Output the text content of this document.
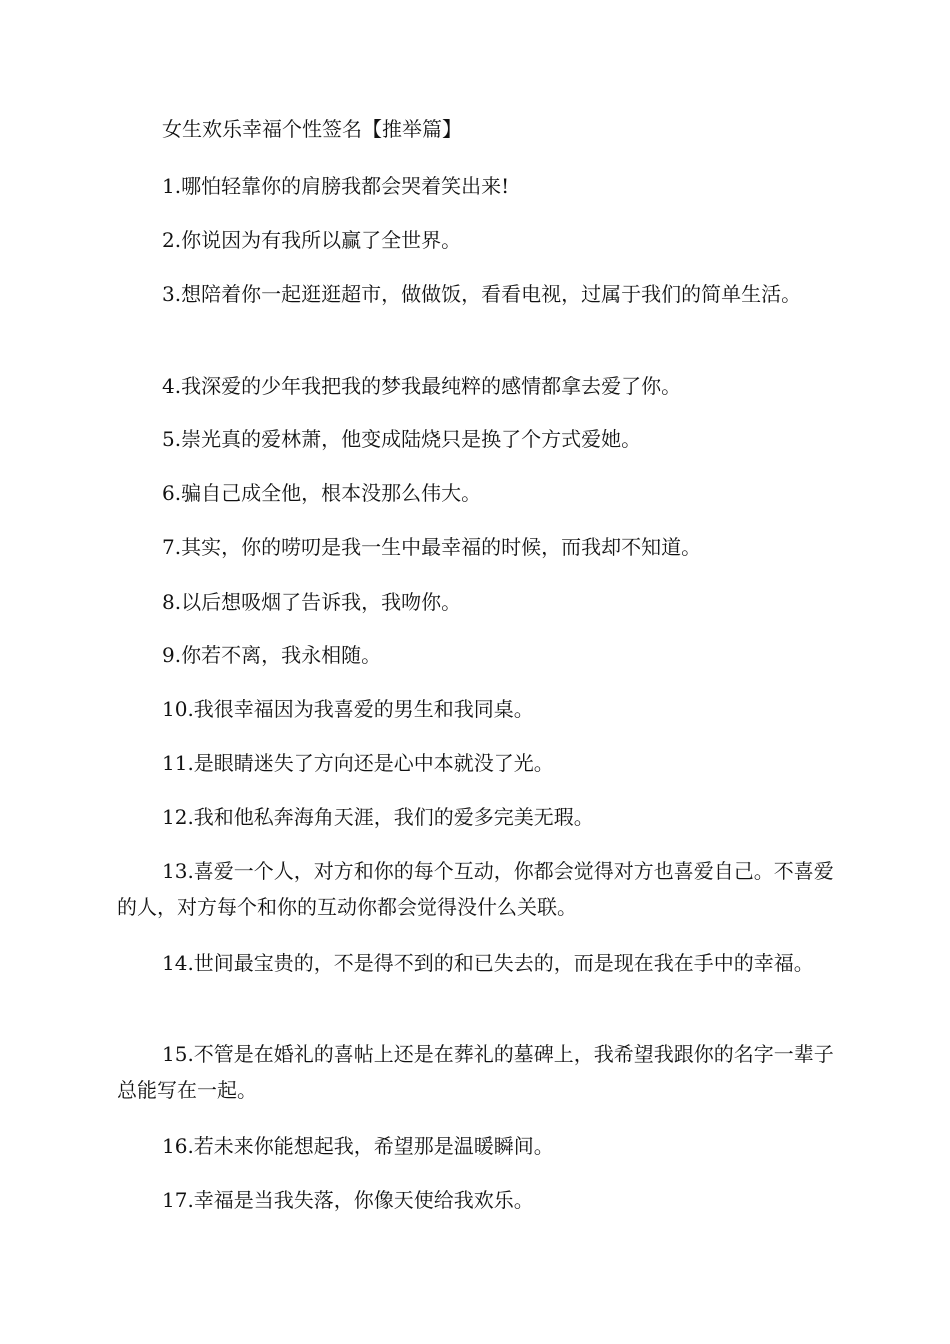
女生欢乐幸福个性签名【推举篇】

1.哪怕轻靠你的肩膀我都会哭着笑出来!

2.你说因为有我所以赢了全世界。

3.想陪着你一起逛逛超市，做做饭，看看电视，过属于我们的简单生活。

4.我深爱的少年我把我的梦我最纯粹的感情都拿去爱了你。

5.崇光真的爱林萧，他变成陆烧只是换了个方式爱她。

6.骗自己成全他，根本没那么伟大。

7.其实，你的唠叨是我一生中最幸福的时候，而我却不知道。

8.以后想吸烟了告诉我，我吻你。

9.你若不离，我永相随。

10.我很幸福因为我喜爱的男生和我同桌。

11.是眼睛迷失了方向还是心中本就没了光。

12.我和他私奔海角天涯，我们的爱多完美无瑕。

13.喜爱一个人，对方和你的每个互动，你都会觉得对方也喜爱自己。不喜爱的人，对方每个和你的互动你都会觉得没什么关联。

14.世间最宝贵的，不是得不到的和已失去的，而是现在我在手中的幸福。

15.不管是在婚礼的喜帖上还是在葬礼的墓碑上，我希望我跟你的名字一辈子总能写在一起。

16.若未来你能想起我，希望那是温暖瞬间。

17.幸福是当我失落，你像天使给我欢乐。
